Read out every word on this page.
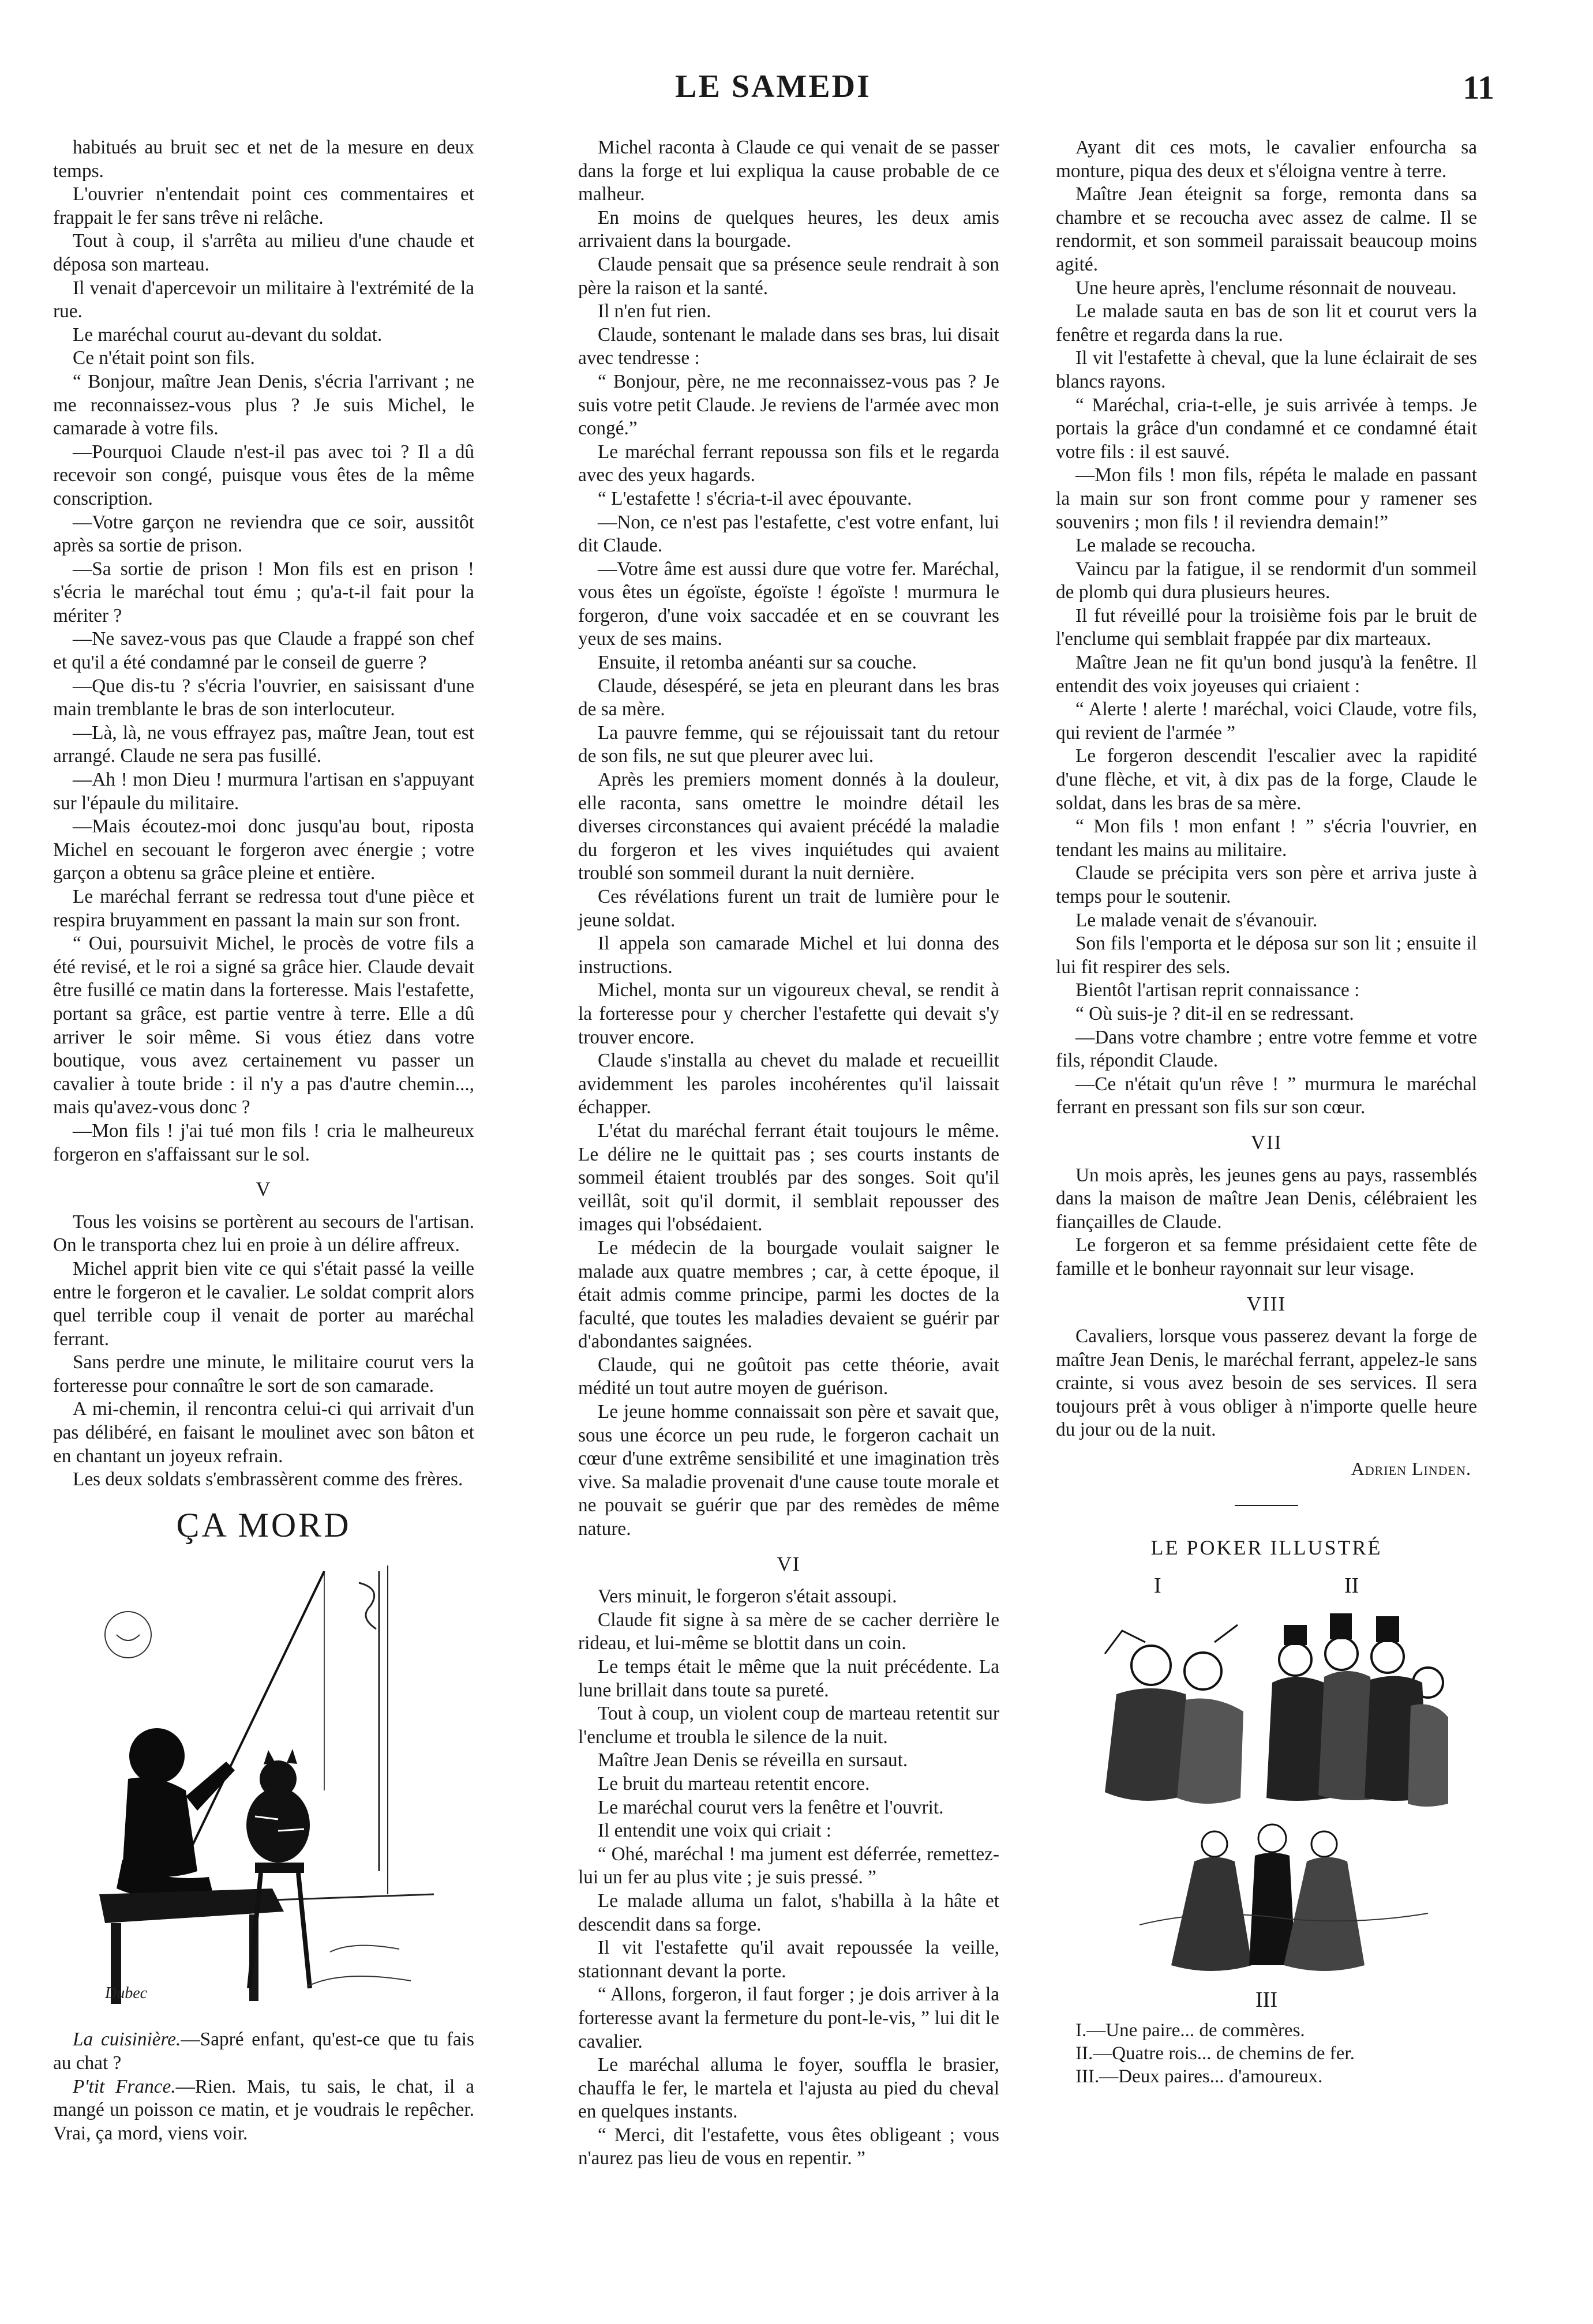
LE SAMEDI	11

habitués au bruit sec et net de la mesure en deux temps.

L'ouvrier n'entendait point ces commentaires et frappait le fer sans trêve ni relâche.

Tout à coup, il s'arrêta au milieu d'une chaude et déposa son marteau.

Il venait d'apercevoir un militaire à l'extrémité de la rue.

Le maréchal courut au-devant du soldat.

Ce n'était point son fils.

“ Bonjour, maître Jean Denis, s'écria l'arrivant ; ne me reconnaissez-vous plus ? Je suis Michel, le camarade à votre fils.

—Pourquoi Claude n'est-il pas avec toi ? Il a dû recevoir son congé, puisque vous êtes de la même conscription.

—Votre garçon ne reviendra que ce soir, aussitôt après sa sortie de prison.

—Sa sortie de prison ! Mon fils est en prison ! s'écria le maréchal tout ému ; qu'a-t-il fait pour la mériter ?

—Ne savez-vous pas que Claude a frappé son chef et qu'il a été condamné par le conseil de guerre ?

—Que dis-tu ? s'écria l'ouvrier, en saisissant d'une main tremblante le bras de son interlocuteur.

—Là, là, ne vous effrayez pas, maître Jean, tout est arrangé. Claude ne sera pas fusillé.

—Ah ! mon Dieu ! murmura l'artisan en s'appuyant sur l'épaule du militaire.

—Mais écoutez-moi donc jusqu'au bout, riposta Michel en secouant le forgeron avec énergie ; votre garçon a obtenu sa grâce pleine et entière.

Le maréchal ferrant se redressa tout d'une pièce et respira bruyamment en passant la main sur son front.

“ Oui, poursuivit Michel, le procès de votre fils a été revisé, et le roi a signé sa grâce hier. Claude devait être fusillé ce matin dans la forteresse. Mais l'estafette, portant sa grâce, est partie ventre à terre. Elle a dû arriver le soir même. Si vous étiez dans votre boutique, vous avez certainement vu passer un cavalier à toute bride : il n'y a pas d'autre chemin..., mais qu'avez-vous donc ?

—Mon fils ! j'ai tué mon fils ! cria le malheureux forgeron en s'affaissant sur le sol.

V

Tous les voisins se portèrent au secours de l'artisan. On le transporta chez lui en proie à un délire affreux.

Michel apprit bien vite ce qui s'était passé la veille entre le forgeron et le cavalier. Le soldat comprit alors quel terrible coup il venait de porter au maréchal ferrant.

Sans perdre une minute, le militaire courut vers la forteresse pour connaître le sort de son camarade.

A mi-chemin, il rencontra celui-ci qui arrivait d'un pas délibéré, en faisant le moulinet avec son bâton et en chantant un joyeux refrain.

Les deux soldats s'embrassèrent comme des frères.

ÇA MORD
Dubec

La cuisinière.—Sapré enfant, qu'est-ce que tu fais au chat ?

P'tit France.—Rien. Mais, tu sais, le chat, il a mangé un poisson ce matin, et je voudrais le repêcher. Vrai, ça mord, viens voir.

Michel raconta à Claude ce qui venait de se passer dans la forge et lui expliqua la cause probable de ce malheur.

En moins de quelques heures, les deux amis arrivaient dans la bourgade.

Claude pensait que sa présence seule rendrait à son père la raison et la santé.

Il n'en fut rien.

Claude, sontenant le malade dans ses bras, lui disait avec tendresse :

“ Bonjour, père, ne me reconnaissez-vous pas ? Je suis votre petit Claude. Je reviens de l'armée avec mon congé.”

Le maréchal ferrant repoussa son fils et le regarda avec des yeux hagards.

“ L'estafette ! s'écria-t-il avec épouvante.

—Non, ce n'est pas l'estafette, c'est votre enfant, lui dit Claude.

—Votre âme est aussi dure que votre fer. Maréchal, vous êtes un égoïste, égoïste ! égoïste ! murmura le forgeron, d'une voix saccadée et en se couvrant les yeux de ses mains.

Ensuite, il retomba anéanti sur sa couche.

Claude, désespéré, se jeta en pleurant dans les bras de sa mère.

La pauvre femme, qui se réjouissait tant du retour de son fils, ne sut que pleurer avec lui.

Après les premiers moment donnés à la douleur, elle raconta, sans omettre le moindre détail les diverses circonstances qui avaient précédé la maladie du forgeron et les vives inquiétudes qui avaient troublé son sommeil durant la nuit dernière.

Ces révélations furent un trait de lumière pour le jeune soldat.

Il appela son camarade Michel et lui donna des instructions.

Michel, monta sur un vigoureux cheval, se rendit à la forteresse pour y chercher l'estafette qui devait s'y trouver encore.

Claude s'installa au chevet du malade et recueillit avidemment les paroles incohérentes qu'il laissait échapper.

L'état du maréchal ferrant était toujours le même. Le délire ne le quittait pas ; ses courts instants de sommeil étaient troublés par des songes. Soit qu'il veillât, soit qu'il dormit, il semblait repousser des images qui l'obsédaient.

Le médecin de la bourgade voulait saigner le malade aux quatre membres ; car, à cette époque, il était admis comme principe, parmi les doctes de la faculté, que toutes les maladies devaient se guérir par d'abondantes saignées.

Claude, qui ne goûtoit pas cette théorie, avait médité un tout autre moyen de guérison.

Le jeune homme connaissait son père et savait que, sous une écorce un peu rude, le forgeron cachait un cœur d'une extrême sensibilité et une imagination très vive. Sa maladie provenait d'une cause toute morale et ne pouvait se guérir que par des remèdes de même nature.

VI

Vers minuit, le forgeron s'était assoupi.

Claude fit signe à sa mère de se cacher derrière le rideau, et lui-même se blottit dans un coin.

Le temps était le même que la nuit précédente. La lune brillait dans toute sa pureté.

Tout à coup, un violent coup de marteau retentit sur l'enclume et troubla le silence de la nuit.

Maître Jean Denis se réveilla en sursaut.

Le bruit du marteau retentit encore.

Le maréchal courut vers la fenêtre et l'ouvrit.

Il entendit une voix qui criait :

“ Ohé, maréchal ! ma jument est déferrée, remettez-lui un fer au plus vite ; je suis pressé. ”

Le malade alluma un falot, s'habilla à la hâte et descendit dans sa forge.

Il vit l'estafette qu'il avait repoussée la veille, stationnant devant la porte.

“ Allons, forgeron, il faut forger ; je dois arriver à la forteresse avant la fermeture du pont-le-vis, ” lui dit le cavalier.

Le maréchal alluma le foyer, souffla le brasier, chauffa le fer, le martela et l'ajusta au pied du cheval en quelques instants.

“ Merci, dit l'estafette, vous êtes obligeant ; vous n'aurez pas lieu de vous en repentir. ”

Ayant dit ces mots, le cavalier enfourcha sa monture, piqua des deux et s'éloigna ventre à terre.

Maître Jean éteignit sa forge, remonta dans sa chambre et se recoucha avec assez de calme. Il se rendormit, et son sommeil paraissait beaucoup moins agité.

Une heure après, l'enclume résonnait de nouveau.

Le malade sauta en bas de son lit et courut vers la fenêtre et regarda dans la rue.

Il vit l'estafette à cheval, que la lune éclairait de ses blancs rayons.

“ Maréchal, cria-t-elle, je suis arrivée à temps. Je portais la grâce d'un condamné et ce condamné était votre fils : il est sauvé.

—Mon fils ! mon fils, répéta le malade en passant la main sur son front comme pour y ramener ses souvenirs ; mon fils ! il reviendra demain!”

Le malade se recoucha.

Vaincu par la fatigue, il se rendormit d'un sommeil de plomb qui dura plusieurs heures.

Il fut réveillé pour la troisième fois par le bruit de l'enclume qui semblait frappée par dix marteaux.

Maître Jean ne fit qu'un bond jusqu'à la fenêtre. Il entendit des voix joyeuses qui criaient :

“ Alerte ! alerte ! maréchal, voici Claude, votre fils, qui revient de l'armée ”

Le forgeron descendit l'escalier avec la rapidité d'une flèche, et vit, à dix pas de la forge, Claude le soldat, dans les bras de sa mère.

“ Mon fils ! mon enfant ! ” s'écria l'ouvrier, en tendant les mains au militaire.

Claude se précipita vers son père et arriva juste à temps pour le soutenir.

Le malade venait de s'évanouir.

Son fils l'emporta et le déposa sur son lit ; ensuite il lui fit respirer des sels.

Bientôt l'artisan reprit connaissance :

“ Où suis-je ? dit-il en se redressant.

—Dans votre chambre ; entre votre femme et votre fils, répondit Claude.

—Ce n'était qu'un rêve ! ” murmura le maréchal ferrant en pressant son fils sur son cœur.

VII

Un mois après, les jeunes gens au pays, rassemblés dans la maison de maître Jean Denis, célébraient les fiançailles de Claude.

Le forgeron et sa femme présidaient cette fête de famille et le bonheur rayonnait sur leur visage.

VIII

Cavaliers, lorsque vous passerez devant la forge de maître Jean Denis, le maréchal ferrant, appelez-le sans crainte, si vous avez besoin de ses services. Il sera toujours prêt à vous obliger à n'importe quelle heure du jour ou de la nuit.

Adrien Linden.
LE POKER ILLUSTRÉ
I	II
III

I.—Une paire... de commères.

II.—Quatre rois... de chemins de fer.

III.—Deux paires... d'amoureux.
